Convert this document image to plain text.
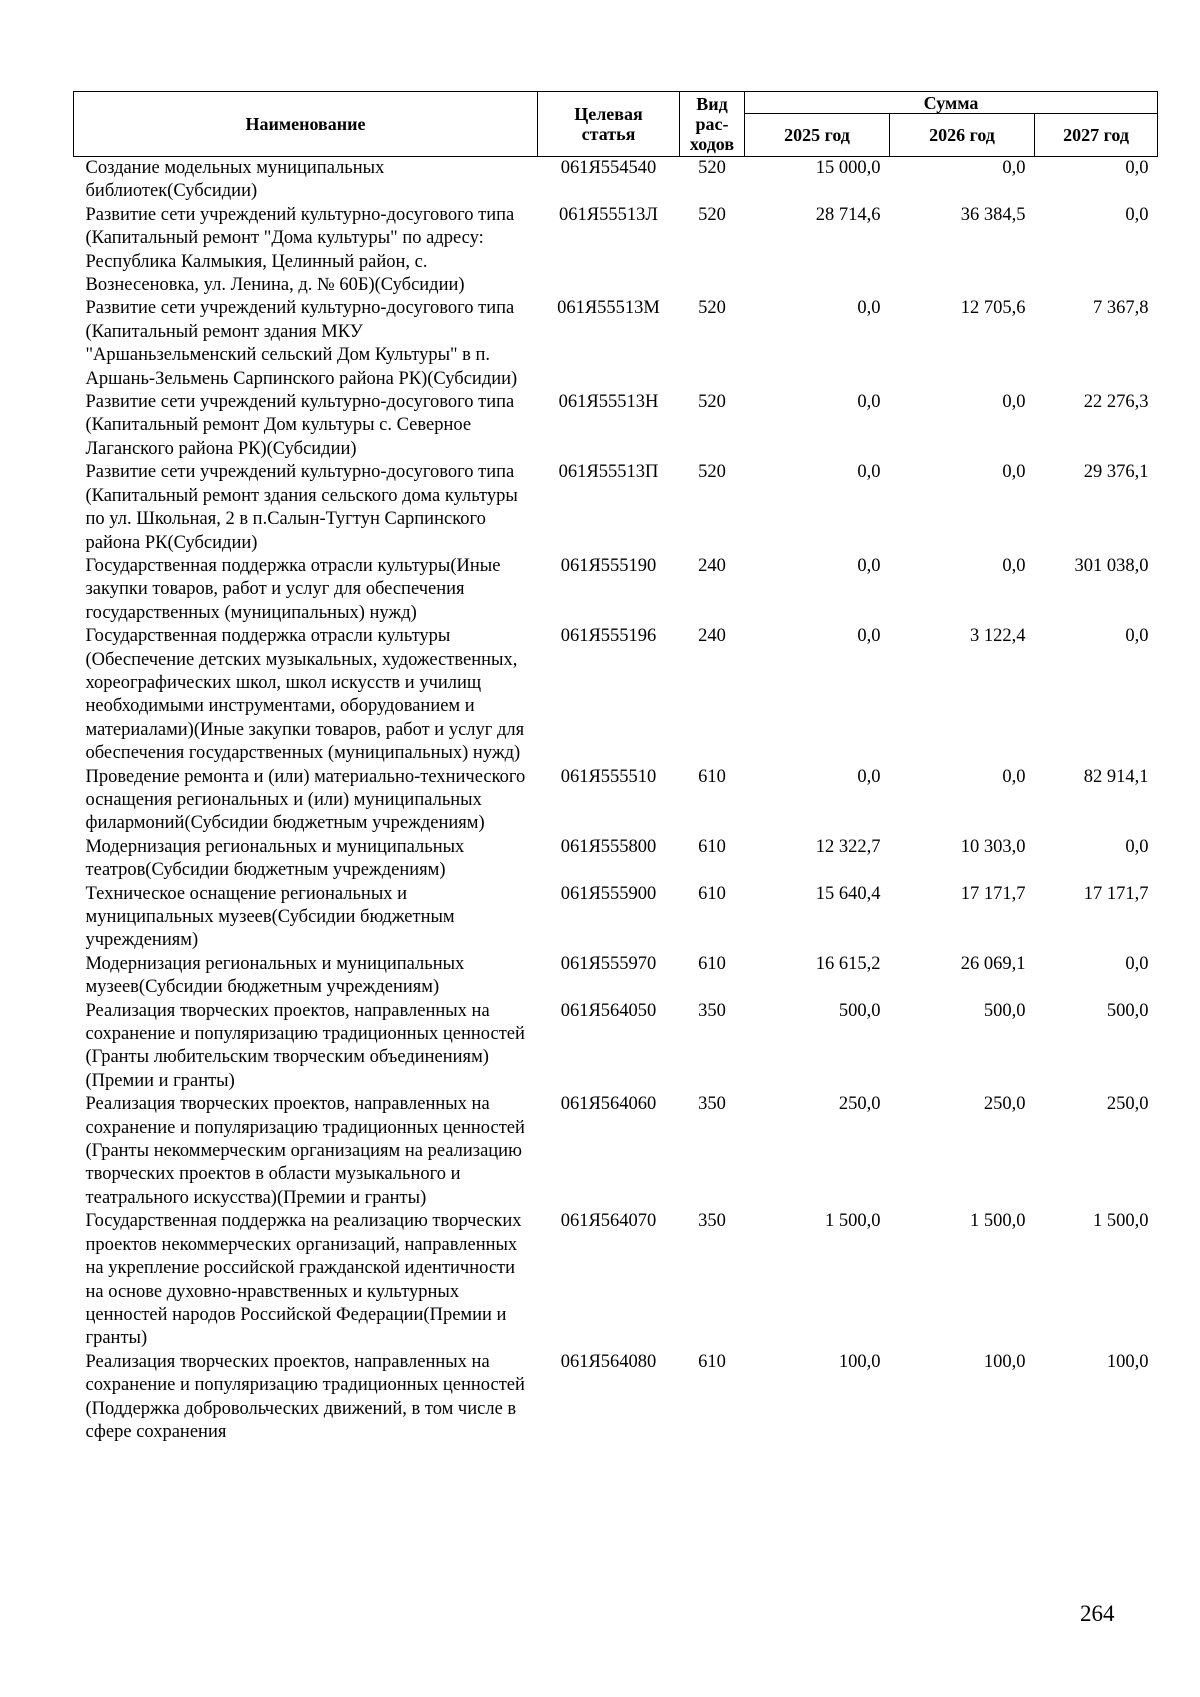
Наименование	Целевая статья	Вид рас-ходов	Сумма		
			2025 год	2026 год	2027 год
Создание модельных муниципальных библиотек(Субсидии)	061Я554540	520	15 000,0	0,0	0,0
Развитие сети учреждений культурно-досугового типа (Капитальный ремонт "Дома культуры" по адресу: Республика Калмыкия, Целинный район, с. Вознесеновка, ул. Ленина, д. № 60Б)(Субсидии)	061Я55513Л	520	28 714,6	36 384,5	0,0
Развитие сети учреждений культурно-досугового типа (Капитальный ремонт здания МКУ "Аршаньзельменский сельский Дом Культуры" в п. Аршань-Зельмень Сарпинского района РК)(Субсидии)	061Я55513М	520	0,0	12 705,6	7 367,8
Развитие сети учреждений культурно-досугового типа (Капитальный ремонт Дом культуры с. Северное Лаганского района РК)(Субсидии)	061Я55513Н	520	0,0	0,0	22 276,3
Развитие сети учреждений культурно-досугового типа (Капитальный ремонт здания сельского дома культуры по ул. Школьная, 2 в п.Салын-Тугтун Сарпинского района РК(Субсидии)	061Я55513П	520	0,0	0,0	29 376,1
Государственная поддержка отрасли культуры(Иные закупки товаров, работ и услуг для обеспечения государственных (муниципальных) нужд)	061Я555190	240	0,0	0,0	301 038,0
Государственная поддержка отрасли культуры (Обеспечение детских музыкальных, художественных, хореографических школ, школ искусств и училищ необходимыми инструментами, оборудованием и материалами)(Иные закупки товаров, работ и услуг для обеспечения государственных (муниципальных) нужд)	061Я555196	240	0,0	3 122,4	0,0
Проведение ремонта и (или) материально-технического оснащения региональных и (или) муниципальных филармоний(Субсидии бюджетным учреждениям)	061Я555510	610	0,0	0,0	82 914,1
Модернизация региональных и муниципальных театров(Субсидии бюджетным учреждениям)	061Я555800	610	12 322,7	10 303,0	0,0
Техническое оснащение региональных и муниципальных музеев(Субсидии бюджетным учреждениям)	061Я555900	610	15 640,4	17 171,7	17 171,7
Модернизация региональных и муниципальных музеев(Субсидии бюджетным учреждениям)	061Я555970	610	16 615,2	26 069,1	0,0
Реализация творческих проектов, направленных на сохранение и популяризацию традиционных ценностей (Гранты любительским творческим объединениям)(Премии и гранты)	061Я564050	350	500,0	500,0	500,0
Реализация творческих проектов, направленных на сохранение и популяризацию традиционных ценностей (Гранты некоммерческим организациям на реализацию творческих проектов в области музыкального и театрального искусства)(Премии и гранты)	061Я564060	350	250,0	250,0	250,0
Государственная поддержка на реализацию творческих проектов некоммерческих организаций, направленных на укрепление российской гражданской идентичности на основе духовно-нравственных и культурных ценностей народов Российской Федерации(Премии и гранты)	061Я564070	350	1 500,0	1 500,0	1 500,0
Реализация творческих проектов, направленных на сохранение и популяризацию традиционных ценностей (Поддержка добровольческих движений, в том числе в сфере сохранения	061Я564080	610	100,0	100,0	100,0
264
